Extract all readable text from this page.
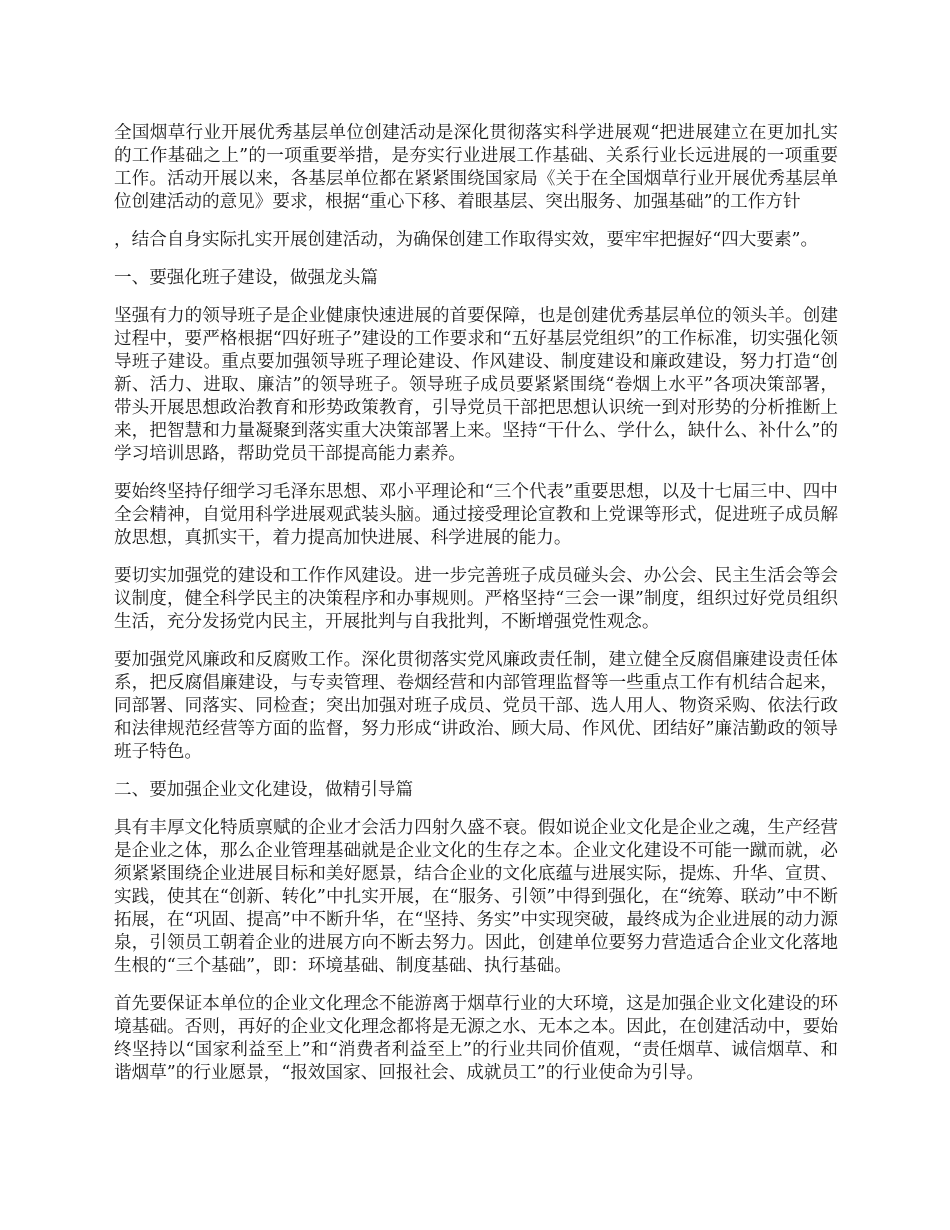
全国烟草行业开展优秀基层单位创建活动是深化贯彻落实科学进展观“把进展建立在更加扎实的工作基础之上”的一项重要举措，是夯实行业进展工作基础、关系行业长远进展的一项重要工作。活动开展以来，各基层单位都在紧紧围绕国家局《关于在全国烟草行业开展优秀基层单位创建活动的意见》要求，根据“重心下移、着眼基层、突出服务、加强基础”的工作方针

，结合自身实际扎实开展创建活动，为确保创建工作取得实效，要牢牢把握好“四大要素”。

一、要强化班子建设，做强龙头篇

坚强有力的领导班子是企业健康快速进展的首要保障，也是创建优秀基层单位的领头羊。创建过程中，要严格根据“四好班子”建设的工作要求和“五好基层党组织”的工作标准，切实强化领导班子建设。重点要加强领导班子理论建设、作风建设、制度建设和廉政建设，努力打造“创新、活力、进取、廉洁”的领导班子。领导班子成员要紧紧围绕“卷烟上水平”各项决策部署，带头开展思想政治教育和形势政策教育，引导党员干部把思想认识统一到对形势的分析推断上来，把智慧和力量凝聚到落实重大决策部署上来。坚持“干什么、学什么，缺什么、补什么”的学习培训思路，帮助党员干部提高能力素养。

要始终坚持仔细学习毛泽东思想、邓小平理论和“三个代表”重要思想，以及十七届三中、四中全会精神，自觉用科学进展观武装头脑。通过接受理论宣教和上党课等形式，促进班子成员解放思想，真抓实干，着力提高加快进展、科学进展的能力。

要切实加强党的建设和工作作风建设。进一步完善班子成员碰头会、办公会、民主生活会等会议制度，健全科学民主的决策程序和办事规则。严格坚持“三会一课”制度，组织过好党员组织生活，充分发扬党内民主，开展批判与自我批判，不断增强党性观念。

要加强党风廉政和反腐败工作。深化贯彻落实党风廉政责任制，建立健全反腐倡廉建设责任体系，把反腐倡廉建设，与专卖管理、卷烟经营和内部管理监督等一些重点工作有机结合起来，同部署、同落实、同检查；突出加强对班子成员、党员干部、选人用人、物资采购、依法行政和法律规范经营等方面的监督，努力形成“讲政治、顾大局、作风优、团结好”廉洁勤政的领导班子特色。

二、要加强企业文化建设，做精引导篇

具有丰厚文化特质禀赋的企业才会活力四射久盛不衰。假如说企业文化是企业之魂，生产经营是企业之体，那么企业管理基础就是企业文化的生存之本。企业文化建设不可能一蹴而就，必须紧紧围绕企业进展目标和美好愿景，结合企业的文化底蕴与进展实际，提炼、升华、宣贯、实践，使其在“创新、转化”中扎实开展，在“服务、引领”中得到强化，在“统筹、联动”中不断拓展，在“巩固、提高”中不断升华，在“坚持、务实”中实现突破，最终成为企业进展的动力源泉，引领员工朝着企业的进展方向不断去努力。因此，创建单位要努力营造适合企业文化落地生根的“三个基础”，即：环境基础、制度基础、执行基础。

首先要保证本单位的企业文化理念不能游离于烟草行业的大环境，这是加强企业文化建设的环境基础。否则，再好的企业文化理念都将是无源之水、无本之本。因此，在创建活动中，要始终坚持以“国家利益至上”和“消费者利益至上”的行业共同价值观，“责任烟草、诚信烟草、和谐烟草”的行业愿景，“报效国家、回报社会、成就员工”的行业使命为引导。
